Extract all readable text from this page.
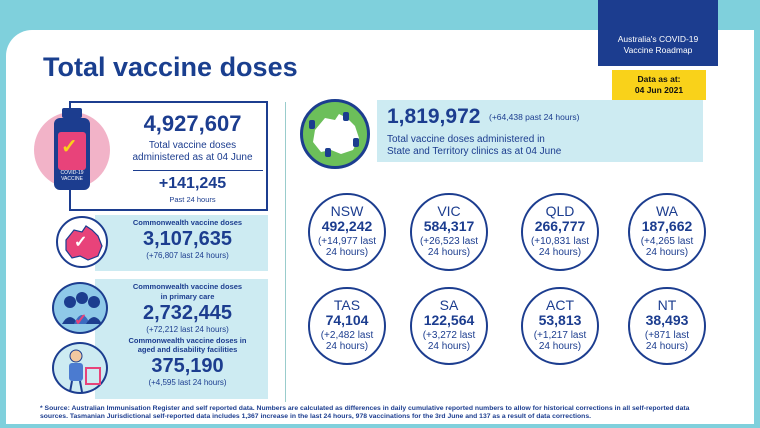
Australia's COVID-19
Vaccine Roadmap
Data as at:
04 Jun 2021
Total vaccine doses
4,927,607
Total vaccine doses
administered as at 04 June
+141,245
Past 24 hours
✓
COVID-19
VACCINE
Commonwealth vaccine doses
3,107,635
(+76,807 last 24 hours)
✓
Commonwealth vaccine doses
in primary care
2,732,445
(+72,212 last 24 hours)
Commonwealth vaccine doses in
aged and disability facilities
375,190
(+4,595 last 24 hours)
✓
1,819,972 (+64,438 past 24 hours)
Total vaccine doses administered in
State and Territory clinics as at 04 June
NSW
492,242
(+14,977 last
24 hours)
VIC
584,317
(+26,523 last
24 hours)
QLD
266,777
(+10,831 last
24 hours)
WA
187,662
(+4,265 last
24 hours)
TAS
74,104
(+2,482 last
24 hours)
SA
122,564
(+3,272 last
24 hours)
ACT
53,813
(+1,217 last
24 hours)
NT
38,493
(+871 last
24 hours)
* Source: Australian Immunisation Register and self reported data. Numbers are calculated as differences in daily cumulative reported numbers to allow for historical corrections in all self-reported data
sources. Tasmanian Jurisdictional self-reported data includes 1,367 increase in the last 24 hours, 978 vaccinations for the 3rd June and 137 as a result of data corrections.
